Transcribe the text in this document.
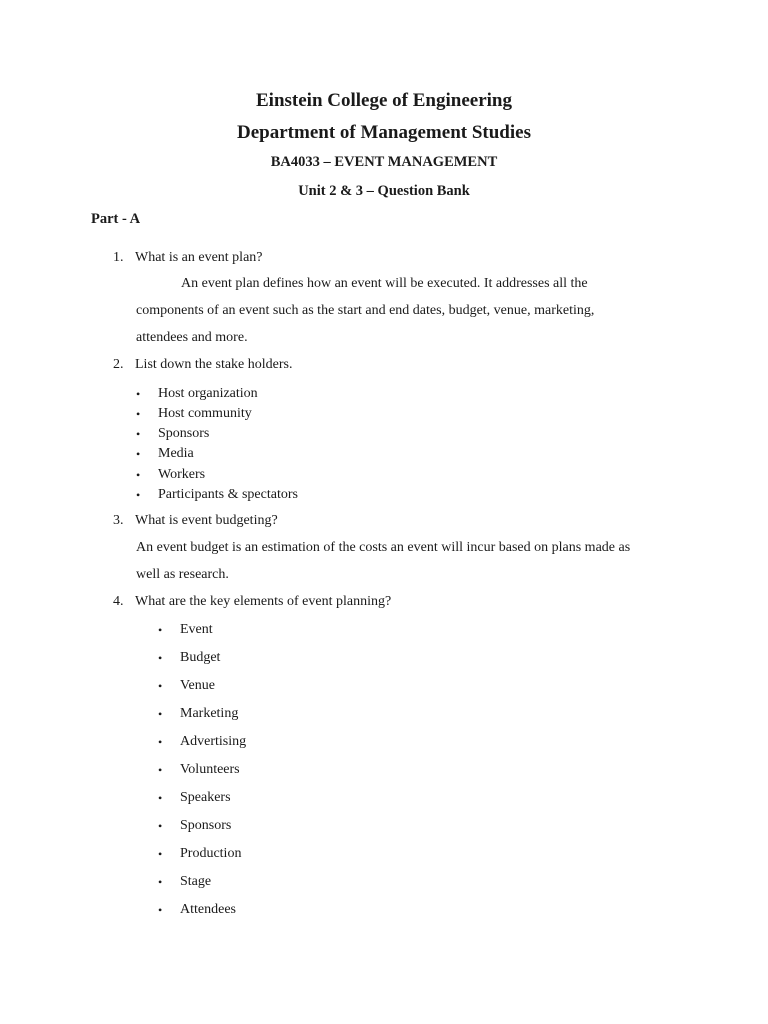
Einstein College of Engineering
Department of Management Studies
BA4033 – EVENT MANAGEMENT
Unit 2 & 3 – Question Bank
Part - A
1. What is an event plan?
An event plan defines how an event will be executed. It addresses all the
components of an event such as the start and end dates, budget, venue, marketing,
attendees and more.
2. List down the stake holders.
• Host organization
• Host community
• Sponsors
• Media
• Workers
• Participants & spectators
3. What is event budgeting?
An event budget is an estimation of the costs an event will incur based on plans made as
well as research.
4. What are the key elements of event planning?
• Event
• Budget
• Venue
• Marketing
• Advertising
• Volunteers
• Speakers
• Sponsors
• Production
• Stage
• Attendees
